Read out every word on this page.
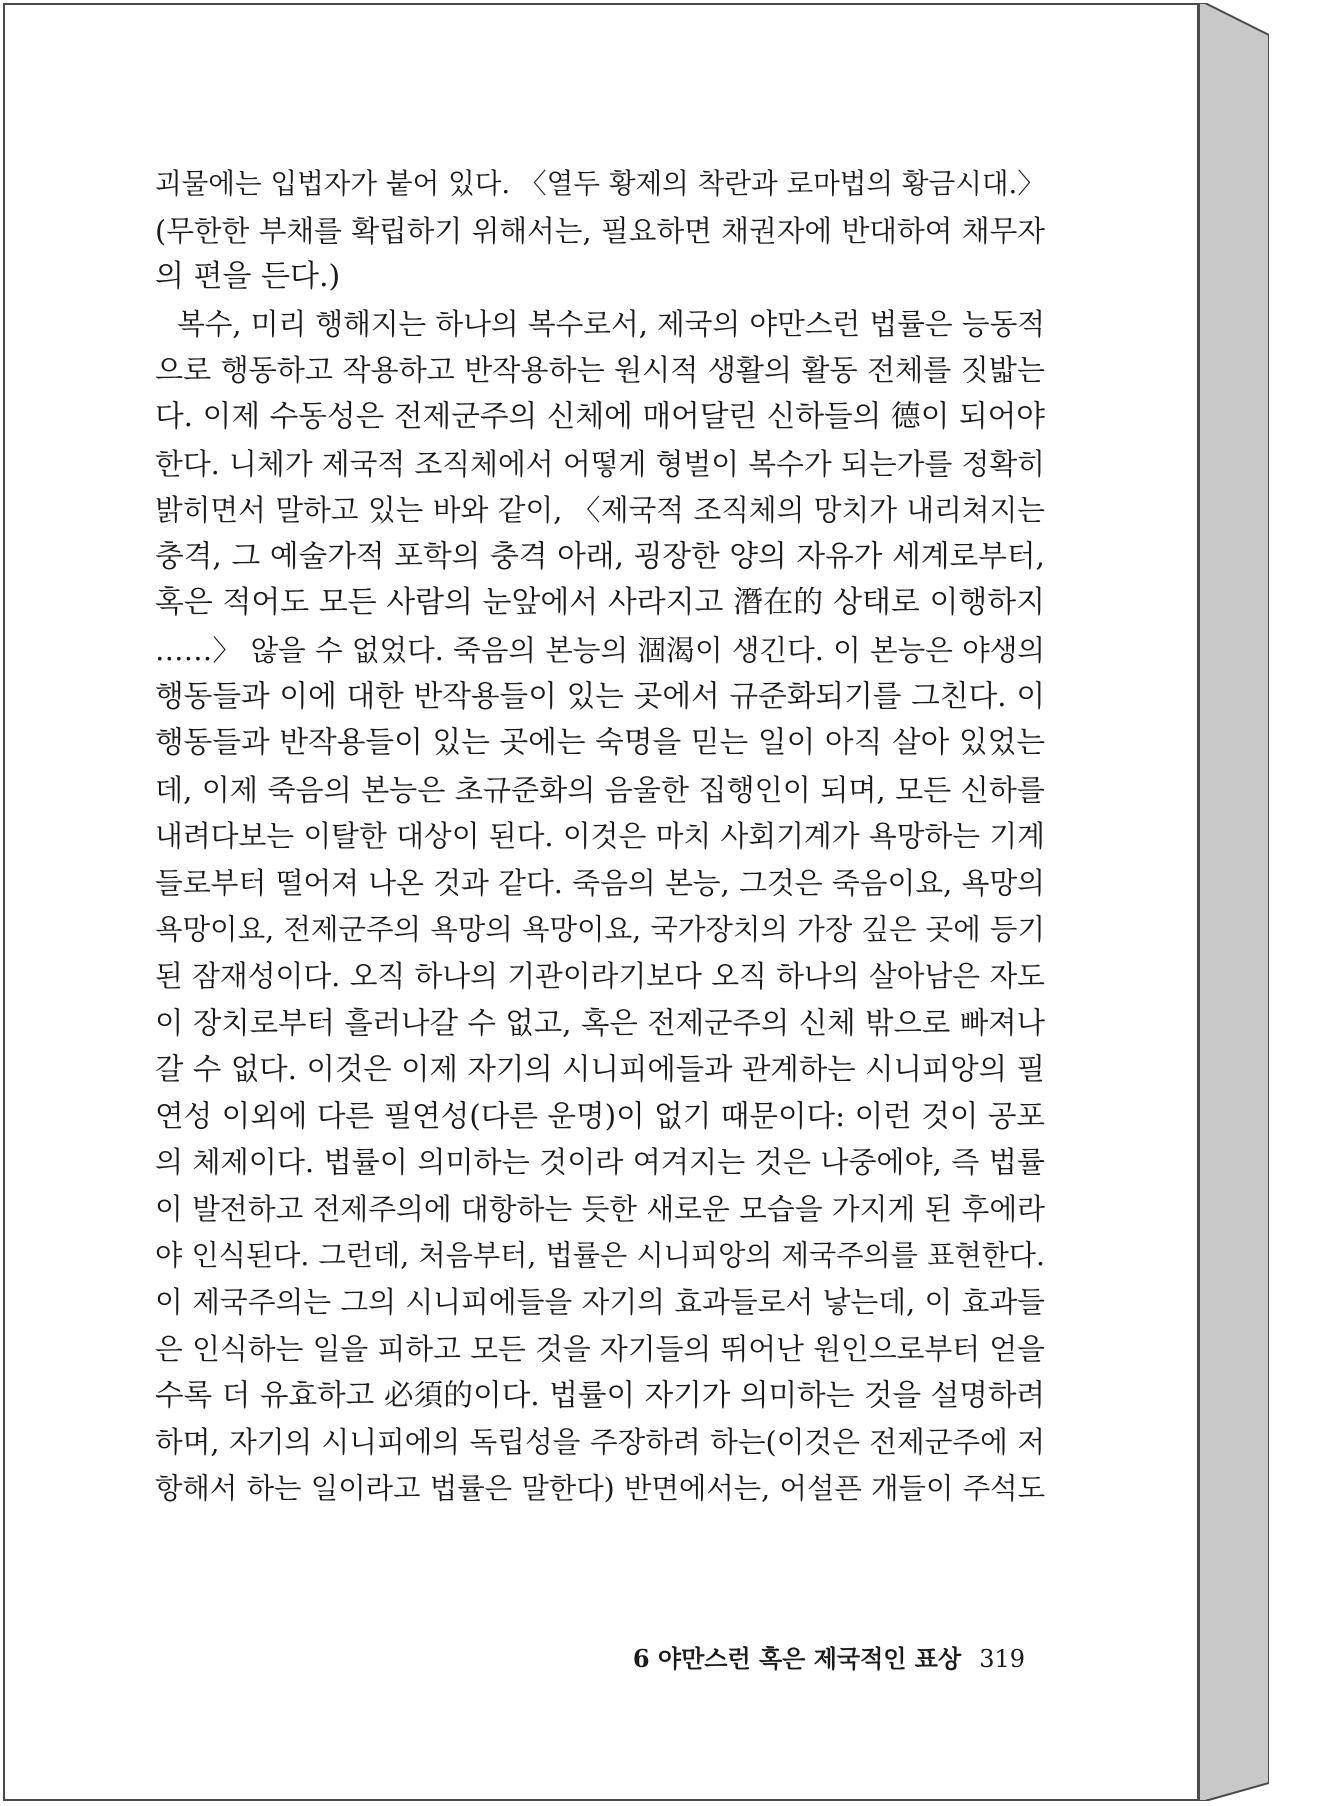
괴물에는 입법자가 붙어 있다. 〈열두 황제의 착란과 로마법의 황금시대.〉
(무한한 부채를 확립하기 위해서는, 필요하면 채권자에 반대하여 채무자
의 편을 든다.)
복수, 미리 행해지는 하나의 복수로서, 제국의 야만스런 법률은 능동적
으로 행동하고 작용하고 반작용하는 원시적 생활의 활동 전체를 짓밟는
다. 이제 수동성은 전제군주의 신체에 매어달린 신하들의 德이 되어야
한다. 니체가 제국적 조직체에서 어떻게 형벌이 복수가 되는가를 정확히
밝히면서 말하고 있는 바와 같이, 〈제국적 조직체의 망치가 내리쳐지는
충격, 그 예술가적 포학의 충격 아래, 굉장한 양의 자유가 세계로부터,
혹은 적어도 모든 사람의 눈앞에서 사라지고 潛在的 상태로 이행하지
……〉 않을 수 없었다. 죽음의 본능의 涸渴이 생긴다. 이 본능은 야생의
행동들과 이에 대한 반작용들이 있는 곳에서 규준화되기를 그친다. 이
행동들과 반작용들이 있는 곳에는 숙명을 믿는 일이 아직 살아 있었는
데, 이제 죽음의 본능은 초규준화의 음울한 집행인이 되며, 모든 신하를
내려다보는 이탈한 대상이 된다. 이것은 마치 사회기계가 욕망하는 기계
들로부터 떨어져 나온 것과 같다. 죽음의 본능, 그것은 죽음이요, 욕망의
욕망이요, 전제군주의 욕망의 욕망이요, 국가장치의 가장 깊은 곳에 등기
된 잠재성이다. 오직 하나의 기관이라기보다 오직 하나의 살아남은 자도
이 장치로부터 흘러나갈 수 없고, 혹은 전제군주의 신체 밖으로 빠져나
갈 수 없다. 이것은 이제 자기의 시니피에들과 관계하는 시니피앙의 필
연성 이외에 다른 필연성(다른 운명)이 없기 때문이다: 이런 것이 공포
의 체제이다. 법률이 의미하는 것이라 여겨지는 것은 나중에야, 즉 법률
이 발전하고 전제주의에 대항하는 듯한 새로운 모습을 가지게 된 후에라
야 인식된다. 그런데, 처음부터, 법률은 시니피앙의 제국주의를 표현한다.
이 제국주의는 그의 시니피에들을 자기의 효과들로서 낳는데, 이 효과들
은 인식하는 일을 피하고 모든 것을 자기들의 뛰어난 원인으로부터 얻을
수록 더 유효하고 必須的이다. 법률이 자기가 의미하는 것을 설명하려
하며, 자기의 시니피에의 독립성을 주장하려 하는(이것은 전제군주에 저
항해서 하는 일이라고 법률은 말한다) 반면에서는, 어설픈 개들이 주석도
6 야만스런 혹은 제국적인 표상 319
